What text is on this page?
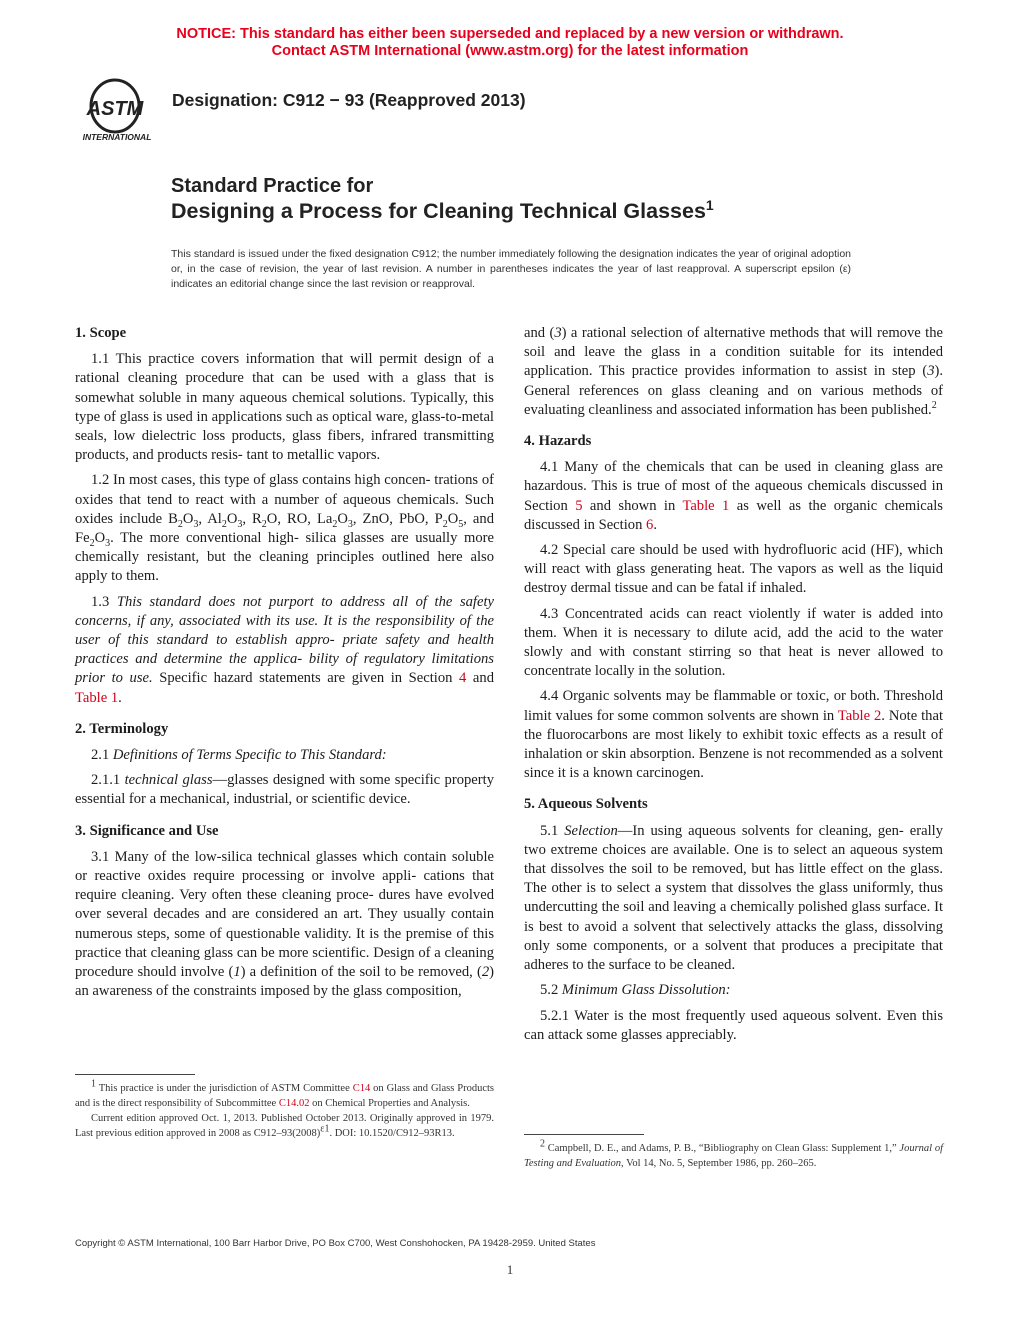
NOTICE: This standard has either been superseded and replaced by a new version or withdrawn.
Contact ASTM International (www.astm.org) for the latest information
ASTM
INTERNATIONAL
Designation: C912 − 93 (Reapproved 2013)
Standard Practice for
Designing a Process for Cleaning Technical Glasses$^1$
This standard is issued under the fixed designation C912; the number immediately following the designation indicates the year of original adoption or, in the case of revision, the year of last revision. A number in parentheses indicates the year of last reapproval. A superscript epsilon (ε) indicates an editorial change since the last revision or reapproval.
1. Scope

1.1 This practice covers information that will permit design of a rational cleaning procedure that can be used with a glass that is somewhat soluble in many aqueous chemical solutions. Typically, this type of glass is used in applications such as optical ware, glass-to-metal seals, low dielectric loss products, glass fibers, infrared transmitting products, and products resis- tant to metallic vapors.

1.2 In most cases, this type of glass contains high concen- trations of oxides that tend to react with a number of aqueous chemicals. Such oxides include $B_2O_3$, $Al_2O_3$, $R_2O$, RO, $La_2O_3$, ZnO, PbO, $P_2O_5$, and $Fe_2O_3$. The more conventional high- silica glasses are usually more chemically resistant, but the cleaning principles outlined here also apply to them.

1.3 This standard does not purport to address all of the safety concerns, if any, associated with its use. It is the responsibility of the user of this standard to establish appro- priate safety and health practices and determine the applica- bility of regulatory limitations prior to use. Specific hazard statements are given in Section 4 and Table 1.

2. Terminology

2.1 Definitions of Terms Specific to This Standard:

2.1.1 technical glass—glasses designed with some specific property essential for a mechanical, industrial, or scientific device.

3. Significance and Use

3.1 Many of the low-silica technical glasses which contain soluble or reactive oxides require processing or involve appli- cations that require cleaning. Very often these cleaning proce- dures have evolved over several decades and are considered an art. They usually contain numerous steps, some of questionable validity. It is the premise of this practice that cleaning glass can be more scientific. Design of a cleaning procedure should involve (1) a definition of the soil to be removed, (2) an awareness of the constraints imposed by the glass composition,

and (3) a rational selection of alternative methods that will remove the soil and leave the glass in a condition suitable for its intended application. This practice provides information to assist in step (3). General references on glass cleaning and on various methods of evaluating cleanliness and associated information has been published.$^2$

4. Hazards

4.1 Many of the chemicals that can be used in cleaning glass are hazardous. This is true of most of the aqueous chemicals discussed in Section 5 and shown in Table 1 as well as the organic chemicals discussed in Section 6.

4.2 Special care should be used with hydrofluoric acid (HF), which will react with glass generating heat. The vapors as well as the liquid destroy dermal tissue and can be fatal if inhaled.

4.3 Concentrated acids can react violently if water is added into them. When it is necessary to dilute acid, add the acid to the water slowly and with constant stirring so that heat is never allowed to concentrate locally in the solution.

4.4 Organic solvents may be flammable or toxic, or both. Threshold limit values for some common solvents are shown in Table 2. Note that the fluorocarbons are most likely to exhibit toxic effects as a result of inhalation or skin absorption. Benzene is not recommended as a solvent since it is a known carcinogen.

5. Aqueous Solvents

5.1 Selection—In using aqueous solvents for cleaning, gen- erally two extreme choices are available. One is to select an aqueous system that dissolves the soil to be removed, but has little effect on the glass. The other is to select a system that dissolves the glass uniformly, thus undercutting the soil and leaving a chemically polished glass surface. It is best to avoid a solvent that selectively attacks the glass, dissolving only some components, or a solvent that produces a precipitate that adheres to the surface to be cleaned.

5.2 Minimum Glass Dissolution:

5.2.1 Water is the most frequently used aqueous solvent. Even this can attack some glasses appreciably.

$^1$ This practice is under the jurisdiction of ASTM Committee C14 on Glass and Glass Products and is the direct responsibility of Subcommittee C14.02 on Chemical Properties and Analysis.

Current edition approved Oct. 1, 2013. Published October 2013. Originally approved in 1979. Last previous edition approved in 2008 as $C912-93(2008)^{\varepsilon 1}$. DOI: 10.1520/C912–93R13.

$^2$ Campbell, D. E., and Adams, P. B., “Bibliography on Clean Glass: Supplement 1,” Journal of Testing and Evaluation, Vol 14, No. 5, September 1986, pp. 260–265.

Copyright © ASTM International, 100 Barr Harbor Drive, PO Box C700, West Conshohocken, PA 19428-2959. United States
1
